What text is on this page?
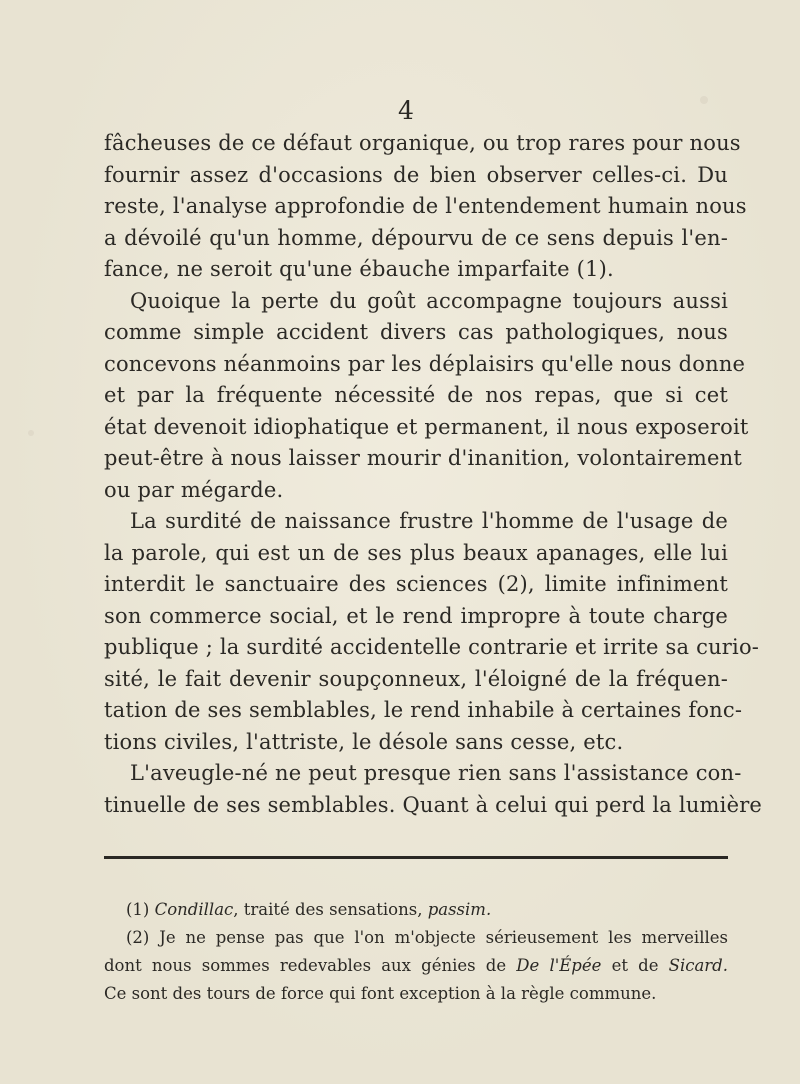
4
fâcheuses de ce défaut organique, ou trop rares pour nous
fournir assez d'occasions de bien observer celles-ci. Du
reste, l'analyse approfondie de l'entendement humain nous
a dévoilé qu'un homme, dépourvu de ce sens depuis l'en-
fance, ne seroit qu'une ébauche imparfaite (1).
Quoique la perte du goût accompagne toujours aussi
comme simple accident divers cas pathologiques, nous
concevons néanmoins par les déplaisirs qu'elle nous donne
et par la fréquente nécessité de nos repas, que si cet
état devenoit idiophatique et permanent, il nous exposeroit
peut-être à nous laisser mourir d'inanition, volontairement
ou par mégarde.
La surdité de naissance frustre l'homme de l'usage de
la parole, qui est un de ses plus beaux apanages, elle lui
interdit le sanctuaire des sciences (2), limite infiniment
son commerce social, et le rend impropre à toute charge
publique ; la surdité accidentelle contrarie et irrite sa curio-
sité, le fait devenir soupçonneux, l'éloigné de la fréquen-
tation de ses semblables, le rend inhabile à certaines fonc-
tions civiles, l'attriste, le désole sans cesse, etc.
L'aveugle-né ne peut presque rien sans l'assistance con-
tinuelle de ses semblables. Quant à celui qui perd la lumière
(1) Condillac, traité des sensations, passim.
(2) Je ne pense pas que l'on m'objecte sérieusement les merveilles
dont nous sommes redevables aux génies de De l'Épée et de Sicard.
Ce sont des tours de force qui font exception à la règle commune.
